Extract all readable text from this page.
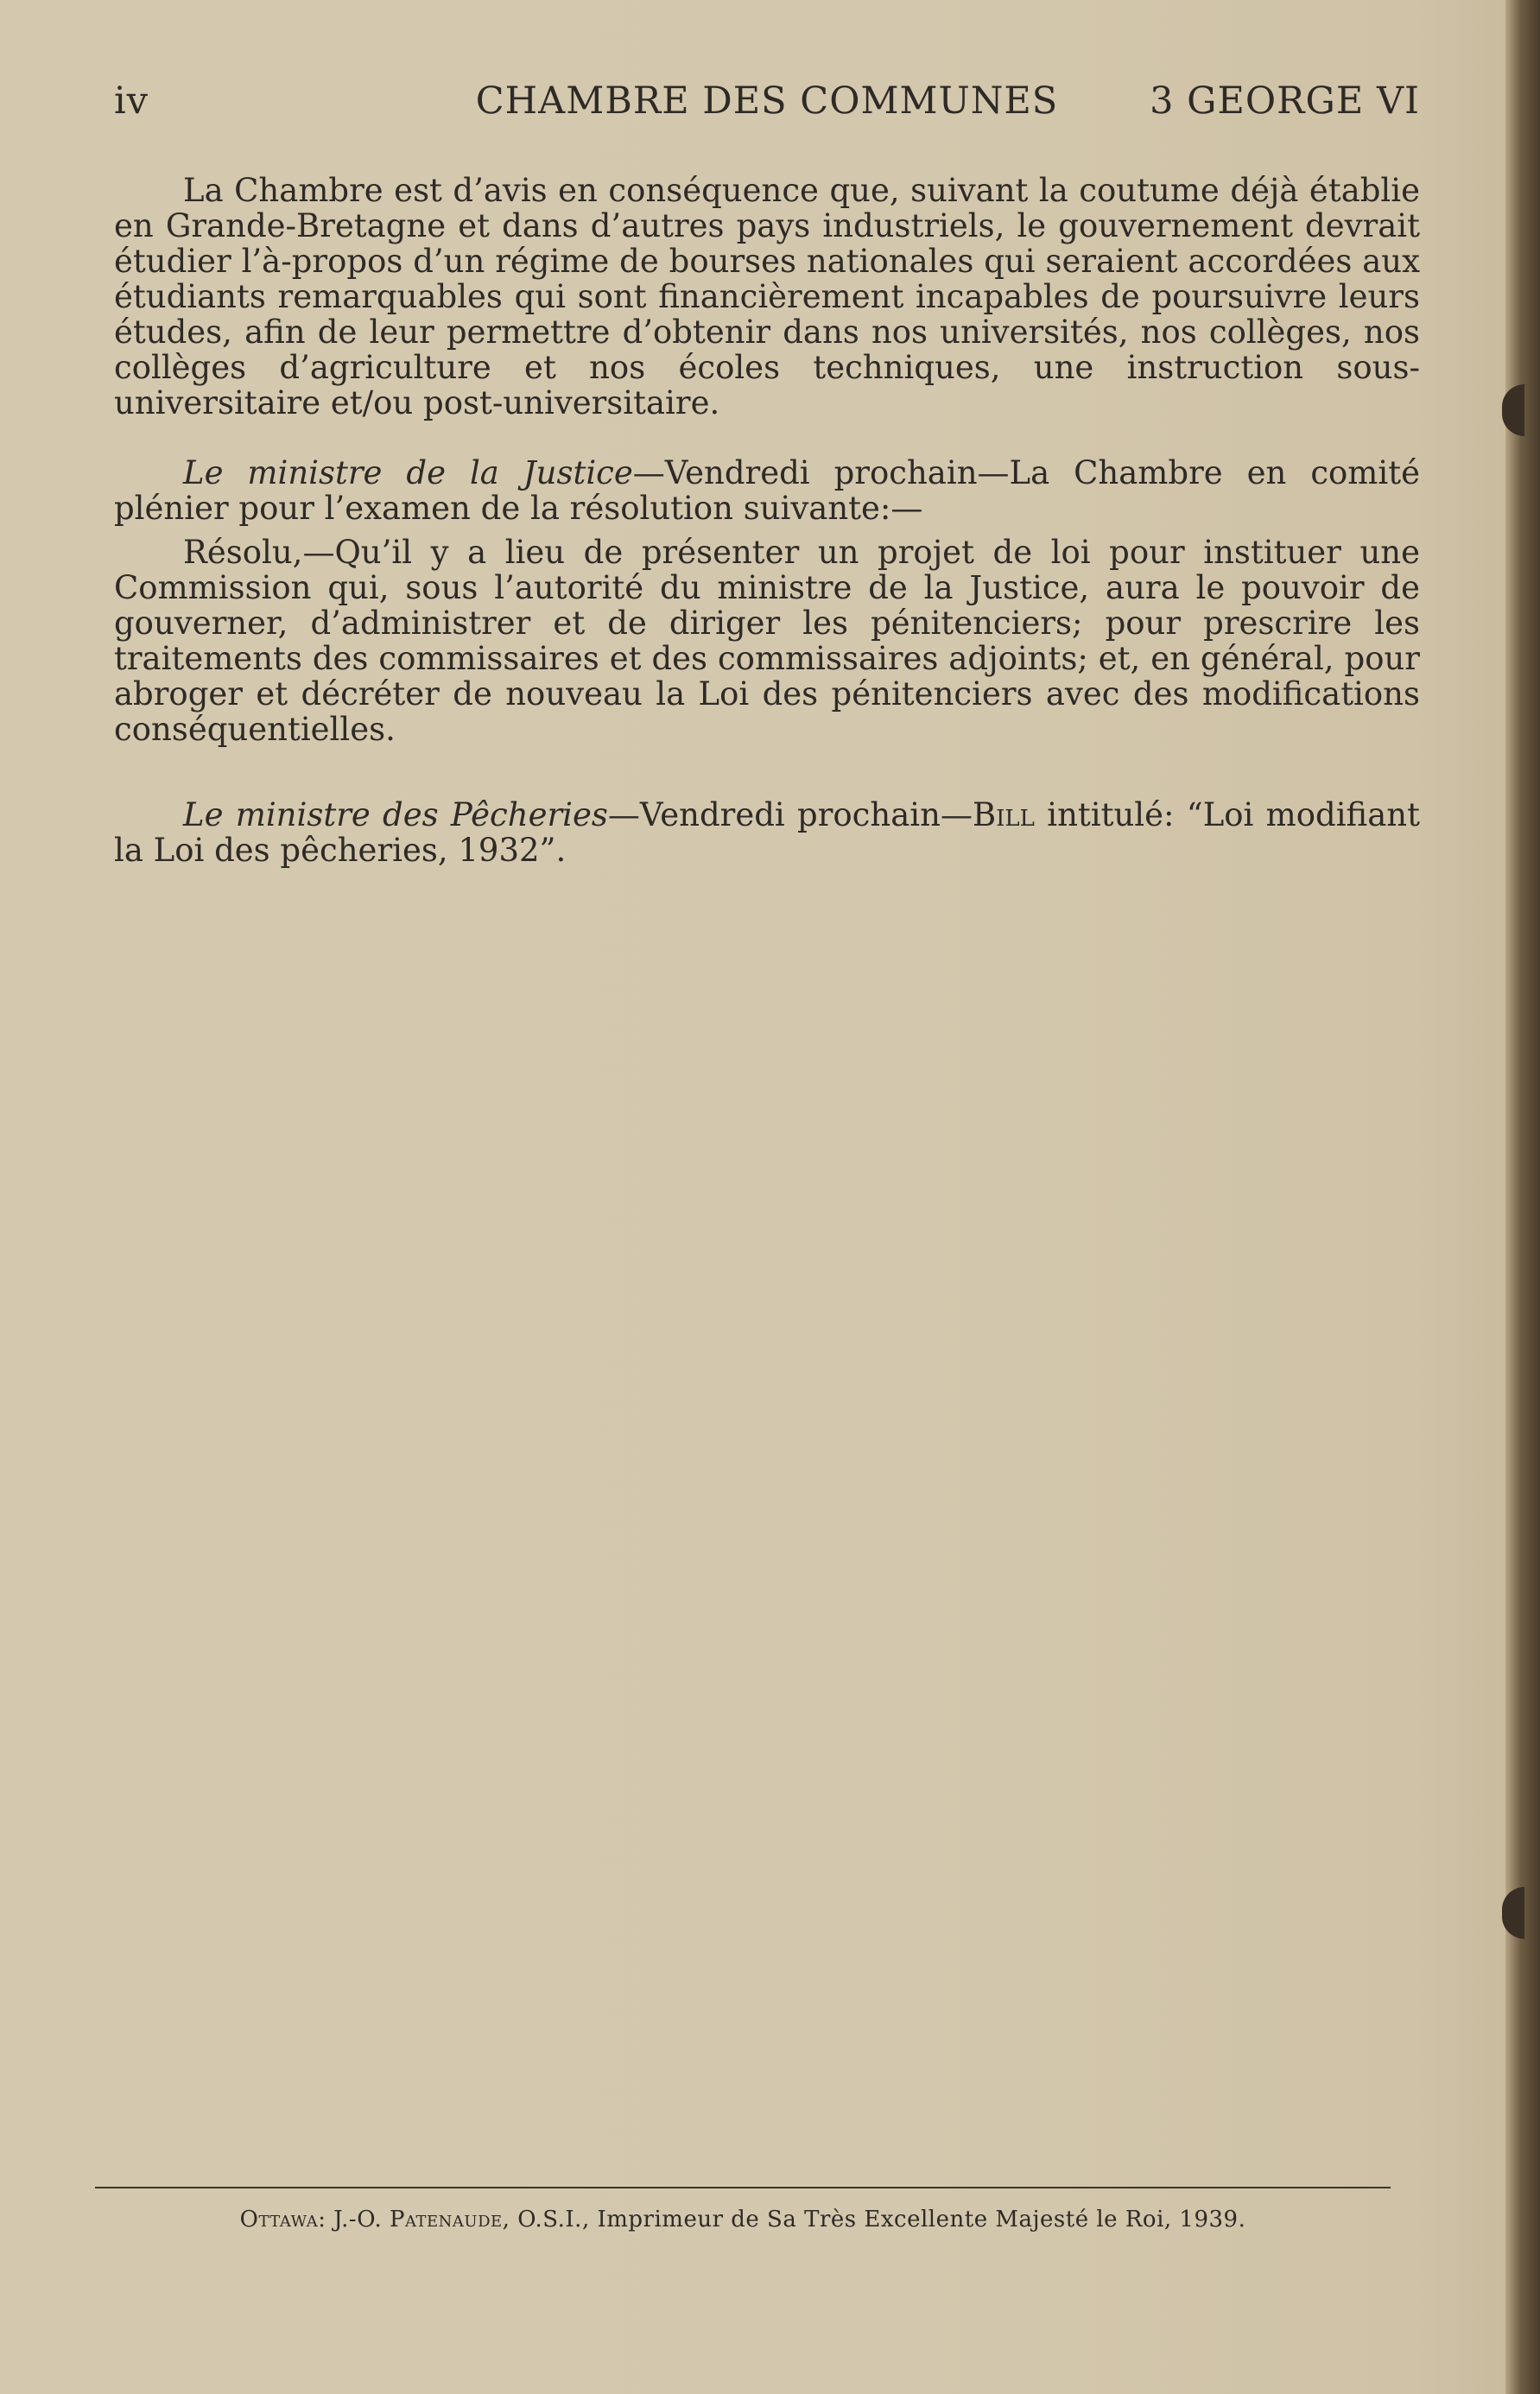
iv	CHAMBRE DES COMMUNES	3 GEORGE VI

La Chambre est d’avis en conséquence que, suivant la coutume déjà établie en Grande-Bretagne et dans d’autres pays industriels, le gouvernement devrait étudier l’à-propos d’un régime de bourses nationales qui seraient accordées aux étudiants remarquables qui sont financièrement incapables de poursuivre leurs études, afin de leur permettre d’obtenir dans nos universités, nos collèges, nos collèges d’agriculture et nos écoles techniques, une instruction sous-universitaire et/ou post-universitaire.

Le ministre de la Justice—Vendredi prochain—La Chambre en comité plénier pour l’examen de la résolution suivante:—

Résolu,—Qu’il y a lieu de présenter un projet de loi pour instituer une Commission qui, sous l’autorité du ministre de la Justice, aura le pouvoir de gouverner, d’administrer et de diriger les pénitenciers; pour prescrire les traitements des commissaires et des commissaires adjoints; et, en général, pour abroger et décréter de nouveau la Loi des pénitenciers avec des modifications conséquentielles.

Le ministre des Pêcheries—Vendredi prochain—Bill intitulé: “Loi modifiant la Loi des pêcheries, 1932”.

Ottawa: J.-O. Patenaude, O.S.I., Imprimeur de Sa Très Excellente Majesté le Roi, 1939.
